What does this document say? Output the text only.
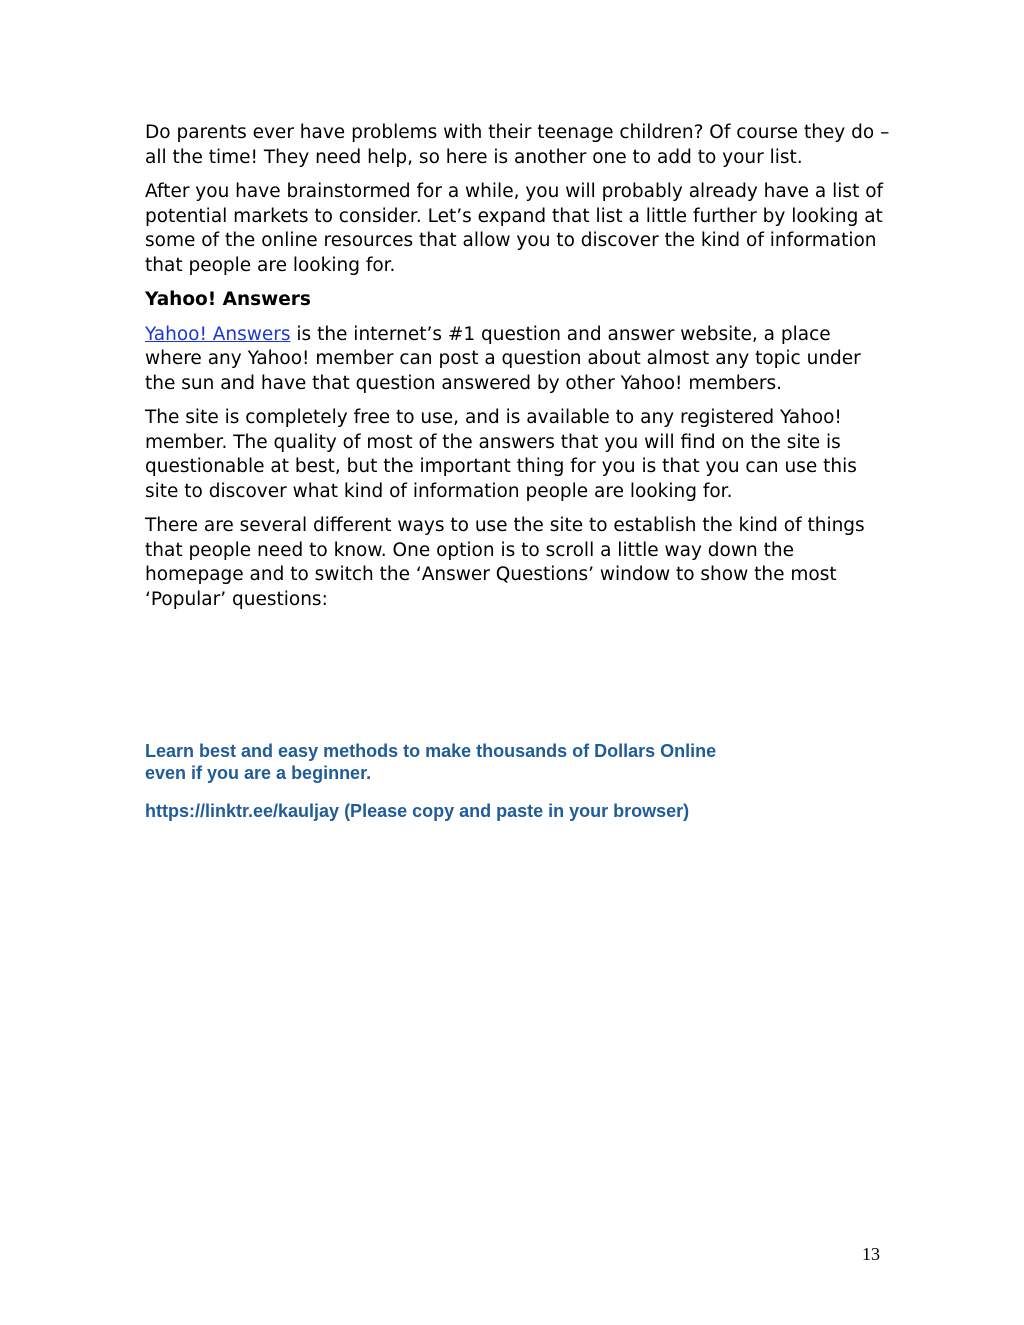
Do parents ever have problems with their teenage children? Of course they do – all the time! They need help, so here is another one to add to your list.

After you have brainstormed for a while, you will probably already have a list of potential markets to consider. Let’s expand that list a little further by looking at some of the online resources that allow you to discover the kind of information that people are looking for.

Yahoo! Answers

Yahoo! Answers is the internet’s #1 question and answer website, a place where any Yahoo! member can post a question about almost any topic under the sun and have that question answered by other Yahoo! members.

The site is completely free to use, and is available to any registered Yahoo! member. The quality of most of the answers that you will find on the site is questionable at best, but the important thing for you is that you can use this site to discover what kind of information people are looking for.

There are several different ways to use the site to establish the kind of things that people need to know. One option is to scroll a little way down the homepage and to switch the ‘Answer Questions’ window to show the most ‘Popular’ questions:

Learn best and easy methods to make thousands of Dollars Online
even if you are a beginner.
https://linktr.ee/kauljay (Please copy and paste in your browser)
13
